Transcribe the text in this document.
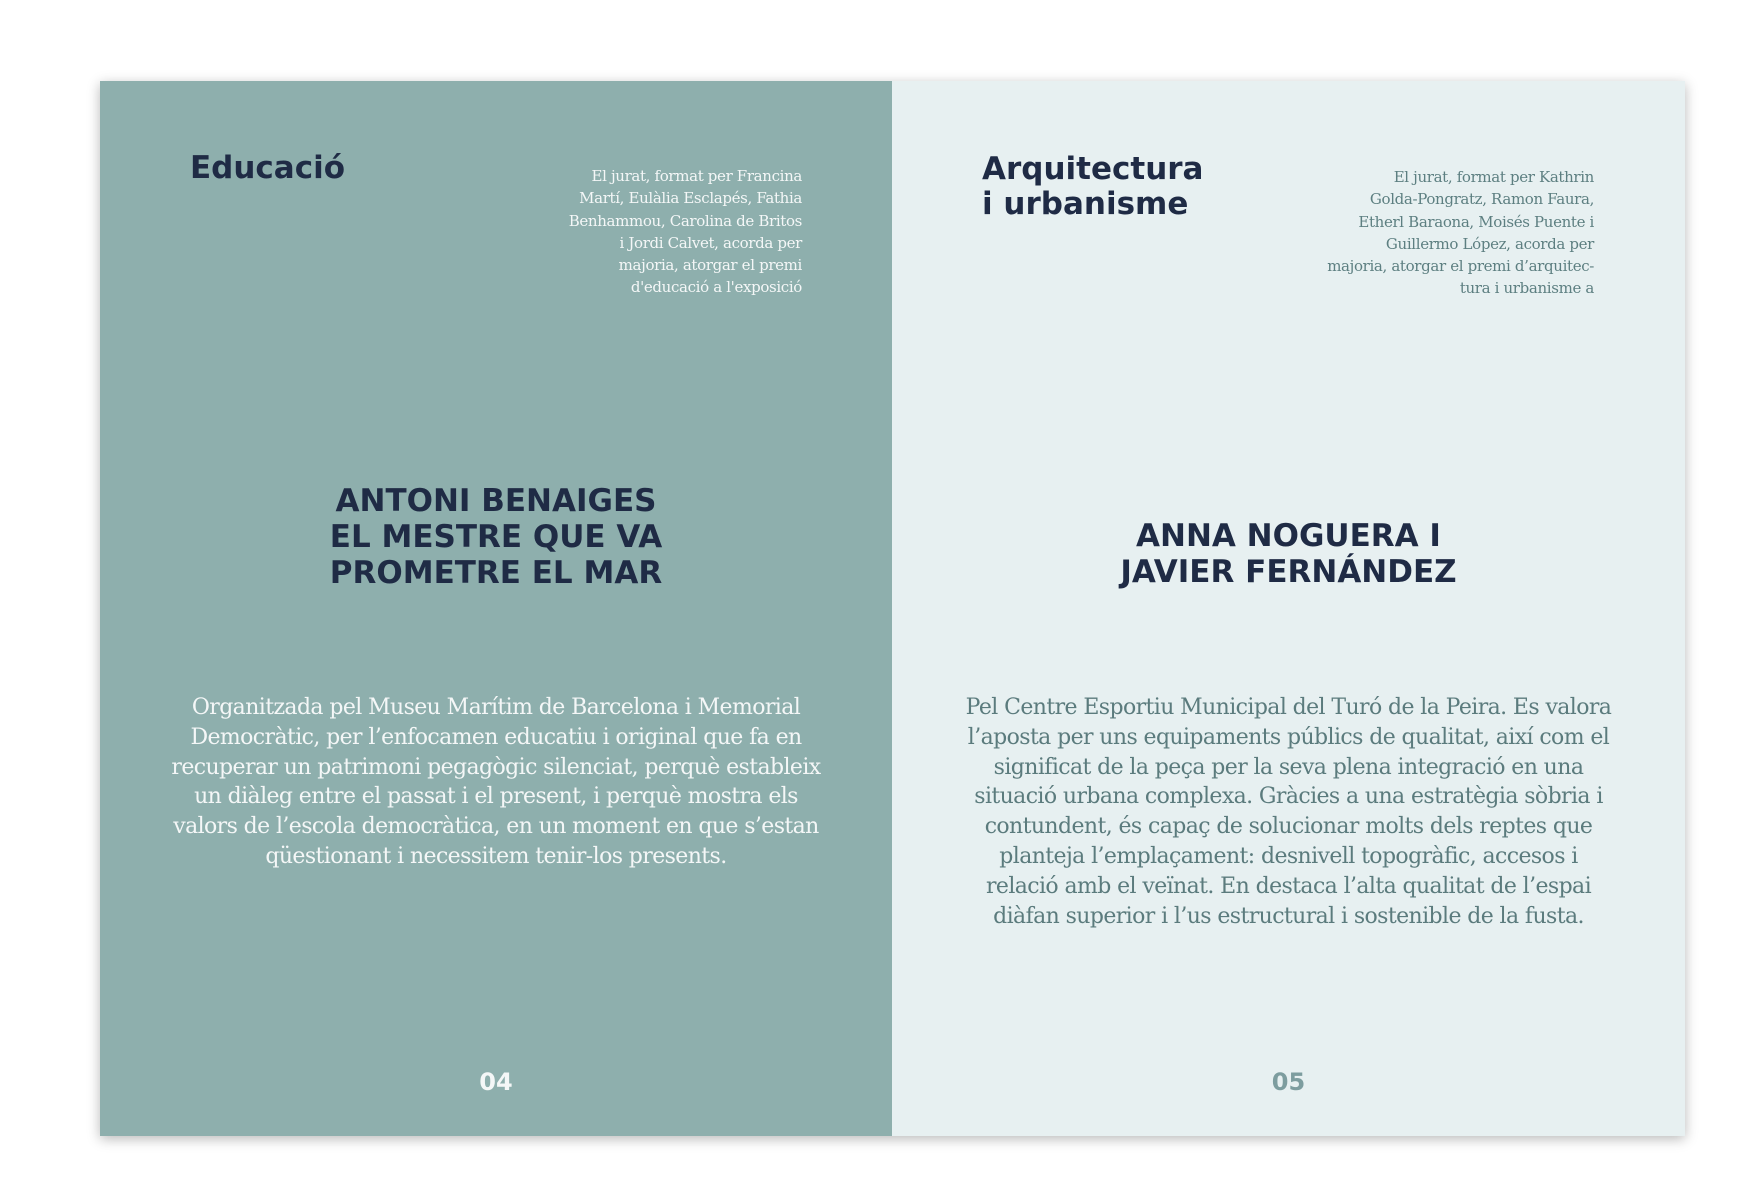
Educació	El jurat, format per Francina
Martí, Eulàlia Esclapés, Fathia
Benhammou, Carolina de Britos
i Jordi Calvet, acorda per
majoria, atorgar el premi
d'educació a l'exposició

ANTONI BENAIGES
EL MESTRE QUE VA
PROMETRE EL MAR

Organitzada pel Museu Marítim de Barcelona i Memorial
Democràtic, per l’enfocamen educatiu i original que fa en
recuperar un patrimoni pegagògic silenciat, perquè estableix
un diàleg entre el passat i el present, i perquè mostra els
valors de l’escola democràtica, en un moment en que s’estan
qüestionant i necessitem tenir-los presents.

04
Arquitectura
i urbanisme

El jurat, format per Kathrin
Golda-Pongratz, Ramon Faura,
Etherl Baraona, Moisés Puente i
Guillermo López, acorda per
majoria, atorgar el premi d’arquitec-
tura i urbanisme a

ANNA NOGUERA I
JAVIER FERNÁNDEZ

Pel Centre Esportiu Municipal del Turó de la Peira. Es valora
l’aposta per uns equipaments públics de qualitat, així com el
significat de la peça per la seva plena integració en una
situació urbana complexa. Gràcies a una estratègia sòbria i
contundent, és capaç de solucionar molts dels reptes que
planteja l’emplaçament: desnivell topogràfic, accesos i
relació amb el veïnat. En destaca l’alta qualitat de l’espai
diàfan superior i l’us estructural i sostenible de la fusta.

05
